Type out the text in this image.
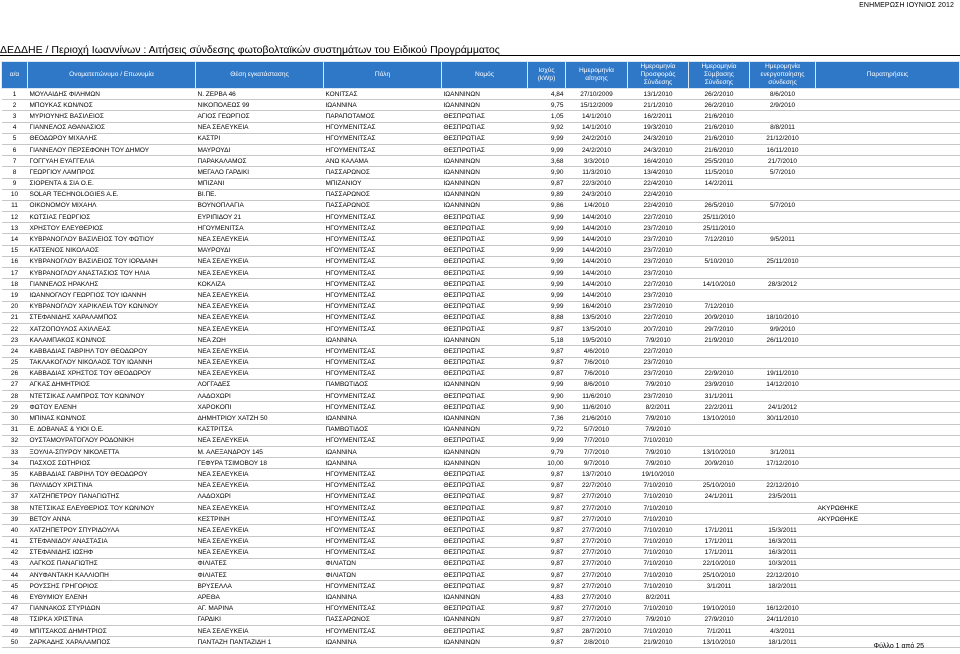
ΕΝΗΜΕΡΩΣΗ ΙΟΥΝΙΟΣ 2012
ΔΕΔΔΗΕ / Περιοχή Ιωαννίνων : Αιτήσεις σύνδεσης φωτοβολταϊκών συστημάτων του Ειδικού Προγράμματος
α/α	Ονοματεπώνυμο / Επωνυμία	Θέση εγκατάστασης	Πόλη	Νομός	Ισχύς (kWp)	Ημερομηνία αίτησης	Ημερομηνία Προσφοράς Σύνδεσης	Ημερομηνία Σύμβασης Σύνδεσης	Ημερομηνία ενεργοποίησης σύνδεσης	Παρατηρήσεις
1	ΜΟΥΛΑΙΔΗΣ ΦΙΛΗΜΩΝ	Ν. ΖΕΡΒΑ 46	ΚΟΝΙΤΣΑΣ	ΙΩΑΝΝΙΝΩΝ	4,84	27/10/2009	13/1/2010	26/2/2010	8/6/2010	
2	ΜΠΟΥΚΑΣ ΚΩΝ/ΝΟΣ	ΝΙΚΟΠΟΛΕΩΣ 99	ΙΩΑΝΝΙΝΑ	ΙΩΑΝΝΙΝΩΝ	9,75	15/12/2009	21/1/2010	26/2/2010	2/9/2010	
3	ΜΥΡΙΟΥΝΗΣ ΒΑΣΙΛΕΙΟΣ	ΑΓΙΟΣ ΓΕΩΡΓΙΟΣ	ΠΑΡΑΠΟΤΑΜΟΣ	ΘΕΣΠΡΩΤΙΑΣ	1,05	14/1/2010	16/2/2011	21/6/2010		
4	ΓΙΑΝΝΕΛΟΣ ΑΘΑΝΑΣΙΟΣ	ΝΕΑ ΣΕΛΕΥΚΕΙΑ	ΗΓΟΥΜΕΝΙΤΣΑΣ	ΘΕΣΠΡΩΤΙΑΣ	9,92	14/1/2010	19/3/2010	21/6/2010	8/8/2011	
5	ΘΕΟΔΩΡΟΥ ΜΙΧΑΛΗΣ	ΚΑΣΤΡΙ	ΗΓΟΥΜΕΝΙΤΣΑΣ	ΘΕΣΠΡΩΤΙΑΣ	9,99	24/2/2010	24/3/2010	21/6/2010	21/12/2010	
6	ΓΙΑΝΝΕΛΟΥ ΠΕΡΣΕΦΟΝΗ ΤΟΥ ΔΗΜΟΥ	ΜΑΥΡΟΥΔΙ	ΗΓΟΥΜΕΝΙΤΣΑΣ	ΘΕΣΠΡΩΤΙΑΣ	9,99	24/2/2010	24/3/2010	21/6/2010	16/11/2010	
7	ΓΟΓΓΥΑΗ ΕΥΑΓΓΕΛΙΑ	ΠΑΡΑΚΑΛΑΜΟΣ	ΑΝΩ ΚΑΛΑΜΑ	ΙΩΑΝΝΙΝΩΝ	3,68	3/3/2010	16/4/2010	25/5/2010	21/7/2010	
8	ΓΕΩΡΓΙΟΥ ΛΑΜΠΡΟΣ	ΜΕΓΑΛΟ ΓΑΡΔΙΚΙ	ΠΑΣΣΑΡΩΝΟΣ	ΙΩΑΝΝΙΝΩΝ	9,90	11/3/2010	13/4/2010	11/5/2010	5/7/2010	
9	ΣΙΟΡΕΝΤΑ & ΣΙΑ Ο.Ε.	ΜΠΙΖΑΝΙ	ΜΠΙΖΑΝΙΟΥ	ΙΩΑΝΝΙΝΩΝ	9,87	22/3/2010	22/4/2010	14/2/2011		
10	SOLAR TECHNOLOGIES A.E.	ΒΙ.ΠΕ.	ΠΑΣΣΑΡΩΝΟΣ	ΙΩΑΝΝΙΝΩΝ	9,89	24/3/2010	22/4/2010			
11	ΟΙΚΟΝΟΜΟΥ ΜΙΧΑΗΛ	ΒΟΥΝΟΠΛΑΓΙΑ	ΠΑΣΣΑΡΩΝΟΣ	ΙΩΑΝΝΙΝΩΝ	9,86	1/4/2010	22/4/2010	26/5/2010	5/7/2010	
12	ΚΩΤΣΙΑΣ ΓΕΩΡΓΙΟΣ	ΕΥΡΙΠΙΔΟΥ 21	ΗΓΟΥΜΕΝΙΤΣΑΣ	ΘΕΣΠΡΩΤΙΑΣ	9,99	14/4/2010	22/7/2010	25/11/2010		
13	ΧΡΗΣΤΟΥ ΕΛΕΥΘΕΡΙΟΣ	ΗΓΟΥΜΕΝΙΤΣΑ	ΗΓΟΥΜΕΝΙΤΣΑΣ	ΘΕΣΠΡΩΤΙΑΣ	9,99	14/4/2010	23/7/2010	25/11/2010		
14	ΚΥΒΡΑΝΟΓΛΟΥ ΒΑΣΙΛΕΙΟΣ ΤΟΥ ΦΩΤΙΟΥ	ΝΕΑ ΣΕΛΕΥΚΕΙΑ	ΗΓΟΥΜΕΝΙΤΣΑΣ	ΘΕΣΠΡΩΤΙΑΣ	9,99	14/4/2010	23/7/2010	7/12/2010	9/5/2011	
15	ΚΑΤΣΕΝΟΣ ΝΙΚΟΛΑΟΣ	ΜΑΥΡΟΥΔΙ	ΗΓΟΥΜΕΝΙΤΣΑΣ	ΘΕΣΠΡΩΤΙΑΣ	9,99	14/4/2010	23/7/2010			
16	ΚΥΒΡΑΝΟΓΛΟΥ ΒΑΣΙΛΕΙΟΣ ΤΟΥ ΙΟΡΔΑΝΗ	ΝΕΑ ΣΕΛΕΥΚΕΙΑ	ΗΓΟΥΜΕΝΙΤΣΑΣ	ΘΕΣΠΡΩΤΙΑΣ	9,99	14/4/2010	23/7/2010	5/10/2010	25/11/2010	
17	ΚΥΒΡΑΝΟΓΛΟΥ ΑΝΑΣΤΑΣΙΟΣ ΤΟΥ ΗΛΙΑ	ΝΕΑ ΣΕΛΕΥΚΕΙΑ	ΗΓΟΥΜΕΝΙΤΣΑΣ	ΘΕΣΠΡΩΤΙΑΣ	9,99	14/4/2010	23/7/2010			
18	ΓΙΑΝΝΕΛΟΣ ΗΡΑΚΛΗΣ	ΚΟΚΛΙΖΑ	ΗΓΟΥΜΕΝΙΤΣΑΣ	ΘΕΣΠΡΩΤΙΑΣ	9,99	14/4/2010	22/7/2010	14/10/2010	28/3/2012	
19	ΙΩΑΝΝΟΓΛΟΥ ΓΕΩΡΓΙΟΣ ΤΟΥ ΙΩΑΝΝΗ	ΝΕΑ ΣΕΛΕΥΚΕΙΑ	ΗΓΟΥΜΕΝΙΤΣΑΣ	ΘΕΣΠΡΩΤΙΑΣ	9,99	14/4/2010	23/7/2010			
20	ΚΥΒΡΑΝΟΓΛΟΥ ΧΑΡΙΚΛΕΙΑ ΤΟΥ ΚΩΝ/ΝΟΥ	ΝΕΑ ΣΕΛΕΥΚΕΙΑ	ΗΓΟΥΜΕΝΙΤΣΑΣ	ΘΕΣΠΡΩΤΙΑΣ	9,99	16/4/2010	23/7/2010	7/12/2010		
21	ΣΤΕΦΑΝΙΔΗΣ ΧΑΡΑΛΑΜΠΟΣ	ΝΕΑ ΣΕΛΕΥΚΕΙΑ	ΗΓΟΥΜΕΝΙΤΣΑΣ	ΘΕΣΠΡΩΤΙΑΣ	8,88	13/5/2010	22/7/2010	20/9/2010	18/10/2010	
22	ΧΑΤΖΟΠΟΥΛΟΣ ΑΧΙΛΛΕΑΣ	ΝΕΑ ΣΕΛΕΥΚΕΙΑ	ΗΓΟΥΜΕΝΙΤΣΑΣ	ΘΕΣΠΡΩΤΙΑΣ	9,87	13/5/2010	20/7/2010	29/7/2010	9/9/2010	
23	ΚΑΛΑΜΠΑΚΟΣ ΚΩΝ/ΝΟΣ	ΝΕΑ ΖΩΗ	ΙΩΑΝΝΙΝΑ	ΙΩΑΝΝΙΝΩΝ	5,18	19/5/2010	7/9/2010	21/9/2010	26/11/2010	
24	ΚΑΒΒΑΔΙΑΣ ΓΑΒΡΙΗΛ ΤΟΥ ΘΕΟΔΩΡΟΥ	ΝΕΑ ΣΕΛΕΥΚΕΙΑ	ΗΓΟΥΜΕΝΙΤΣΑΣ	ΘΕΣΠΡΩΤΙΑΣ	9,87	4/6/2010	22/7/2010			
25	ΤΑΚΛΑΚΟΓΛΟΥ ΝΙΚΟΛΑΟΣ ΤΟΥ ΙΩΑΝΝΗ	ΝΕΑ ΣΕΛΕΥΚΕΙΑ	ΗΓΟΥΜΕΝΙΤΣΑΣ	ΘΕΣΠΡΩΤΙΑΣ	9,87	7/6/2010	23/7/2010			
26	ΚΑΒΒΑΔΙΑΣ ΧΡΗΣΤΟΣ ΤΟΥ ΘΕΟΔΩΡΟΥ	ΝΕΑ ΣΕΛΕΥΚΕΙΑ	ΗΓΟΥΜΕΝΙΤΣΑΣ	ΘΕΣΠΡΩΤΙΑΣ	9,87	7/6/2010	23/7/2010	22/9/2010	19/11/2010	
27	ΑΓΚΑΣ ΔΗΜΗΤΡΙΟΣ	ΛΟΓΓΑΔΕΣ	ΠΑΜΒΩΤΙΔΟΣ	ΙΩΑΝΝΙΝΩΝ	9,99	8/6/2010	7/9/2010	23/9/2010	14/12/2010	
28	ΝΤΕΤΣΙΚΑΣ ΛΑΜΠΡΟΣ ΤΟΥ ΚΩΝ/ΝΟΥ	ΛΑΔΟΧΩΡΙ	ΗΓΟΥΜΕΝΙΤΣΑΣ	ΘΕΣΠΡΩΤΙΑΣ	9,90	11/6/2010	23/7/2010	31/1/2011		
29	ΦΩΤΟΥ ΕΛΕΝΗ	ΧΑΡΟΚΟΠΙ	ΗΓΟΥΜΕΝΙΤΣΑΣ	ΘΕΣΠΡΩΤΙΑΣ	9,90	11/6/2010	8/2/2011	22/2/2011	24/1/2012	
30	ΜΠΙΝΑΣ ΚΩΝ/ΝΟΣ	ΔΗΜΗΤΡΙΟΥ ΧΑΤΖΗ 50	ΙΩΑΝΝΙΝΑ	ΙΩΑΝΝΙΝΩΝ	7,36	21/6/2010	7/9/2010	13/10/2010	30/11/2010	
31	Ε. ΔΟΒΑΝΑΣ & ΥΙΟΙ Ο.Ε.	ΚΑΣΤΡΙΤΣΑ	ΠΑΜΒΩΤΙΔΟΣ	ΙΩΑΝΝΙΝΩΝ	9,72	5/7/2010	7/9/2010			
32	ΟΥΣΤΑΜΟΥΡΑΤΟΓΛΟΥ ΡΟΔΟΝΙΚΗ	ΝΕΑ ΣΕΛΕΥΚΕΙΑ	ΗΓΟΥΜΕΝΙΤΣΑΣ	ΘΕΣΠΡΩΤΙΑΣ	9,99	7/7/2010	7/10/2010			
33	ΞΟΥΛΙΑ-ΣΠΥΡΟΥ ΝΙΚΟΛΕΤΤΑ	Μ. ΑΛΕΞΑΝΔΡΟΥ 145	ΙΩΑΝΝΙΝΑ	ΙΩΑΝΝΙΝΩΝ	9,79	7/7/2010	7/9/2010	13/10/2010	3/1/2011	
34	ΠΑΣΧΟΣ ΣΩΤΗΡΙΟΣ	ΓΕΦΥΡΑ ΤΣΙΜΟΒΟΥ 18	ΙΩΑΝΝΙΝΑ	ΙΩΑΝΝΙΝΩΝ	10,00	9/7/2010	7/9/2010	20/9/2010	17/12/2010	
35	ΚΑΒΒΑΔΙΑΣ ΓΑΒΡΙΗΛ ΤΟΥ ΘΕΟΔΩΡΟΥ	ΝΕΑ ΣΕΛΕΥΚΕΙΑ	ΗΓΟΥΜΕΝΙΤΣΑΣ	ΘΕΣΠΡΩΤΙΑΣ	9,87	13/7/2010	19/10/2010			
36	ΠΑΥΛΙΔΟΥ ΧΡΙΣΤΙΝΑ	ΝΕΑ ΣΕΛΕΥΚΕΙΑ	ΗΓΟΥΜΕΝΙΤΣΑΣ	ΘΕΣΠΡΩΤΙΑΣ	9,87	22/7/2010	7/10/2010	25/10/2010	22/12/2010	
37	ΧΑΤΖΗΠΕΤΡΟΥ ΠΑΝΑΓΙΩΤΗΣ	ΛΑΔΟΧΩΡΙ	ΗΓΟΥΜΕΝΙΤΣΑΣ	ΘΕΣΠΡΩΤΙΑΣ	9,87	27/7/2010	7/10/2010	24/1/2011	23/5/2011	
38	ΝΤΕΤΣΙΚΑΣ ΕΛΕΥΘΕΡΙΟΣ ΤΟΥ ΚΩΝ/ΝΟΥ	ΝΕΑ ΣΕΛΕΥΚΕΙΑ	ΗΓΟΥΜΕΝΙΤΣΑΣ	ΘΕΣΠΡΩΤΙΑΣ	9,87	27/7/2010	7/10/2010			ΑΚΥΡΩΘΗΚΕ
39	ΒΕΤΟΥ ΑΝΝΑ	ΚΕΣΤΡΙΝΗ	ΗΓΟΥΜΕΝΙΤΣΑΣ	ΘΕΣΠΡΩΤΙΑΣ	9,87	27/7/2010	7/10/2010			ΑΚΥΡΩΘΗΚΕ
40	ΧΑΤΖΗΠΕΤΡΟΥ ΣΠΥΡΙΔΟΥΛΑ	ΝΕΑ ΣΕΛΕΥΚΕΙΑ	ΗΓΟΥΜΕΝΙΤΣΑΣ	ΘΕΣΠΡΩΤΙΑΣ	9,87	27/7/2010	7/10/2010	17/1/2011	15/3/2011	
41	ΣΤΕΦΑΝΙΔΟΥ ΑΝΑΣΤΑΣΙΑ	ΝΕΑ ΣΕΛΕΥΚΕΙΑ	ΗΓΟΥΜΕΝΙΤΣΑΣ	ΘΕΣΠΡΩΤΙΑΣ	9,87	27/7/2010	7/10/2010	17/1/2011	16/3/2011	
42	ΣΤΕΦΑΝΙΔΗΣ ΙΩΣΗΦ	ΝΕΑ ΣΕΛΕΥΚΕΙΑ	ΗΓΟΥΜΕΝΙΤΣΑΣ	ΘΕΣΠΡΩΤΙΑΣ	9,87	27/7/2010	7/10/2010	17/1/2011	16/3/2011	
43	ΛΑΓΚΟΣ ΠΑΝΑΓΙΩΤΗΣ	ΦΙΛΙΑΤΕΣ	ΦΙΛΙΑΤΩΝ	ΘΕΣΠΡΩΤΙΑΣ	9,87	27/7/2010	7/10/2010	22/10/2010	10/3/2011	
44	ΑΝΥΦΑΝΤΑΚΗ ΚΑΛΛΙΟΠΗ	ΦΙΛΙΑΤΕΣ	ΦΙΛΙΑΤΩΝ	ΘΕΣΠΡΩΤΙΑΣ	9,87	27/7/2010	7/10/2010	25/10/2010	22/12/2010	
45	ΡΟΥΣΣΗΣ ΓΡΗΓΟΡΙΟΣ	ΒΡΥΣΕΛΛΑ	ΗΓΟΥΜΕΝΙΤΣΑΣ	ΘΕΣΠΡΩΤΙΑΣ	9,87	27/7/2010	7/10/2010	3/1/2011	18/2/2011	
46	ΕΥΘΥΜΙΟΥ ΕΛΕΝΗ	ΑΡΕΘΑ	ΙΩΑΝΝΙΝΑ	ΙΩΑΝΝΙΝΩΝ	4,83	27/7/2010	8/2/2011			
47	ΓΙΑΝΝΑΚΟΣ ΣΤΥΡΙΔΩΝ	ΑΓ. ΜΑΡΙΝΑ	ΗΓΟΥΜΕΝΙΤΣΑΣ	ΘΕΣΠΡΩΤΙΑΣ	9,87	27/7/2010	7/10/2010	19/10/2010	16/12/2010	
48	ΤΣΙΡΚΑ ΧΡΙΣΤΙΝΑ	ΓΑΡΔΙΚΙ	ΠΑΣΣΑΡΩΝΟΣ	ΙΩΑΝΝΙΝΩΝ	9,87	27/7/2010	7/9/2010	27/9/2010	24/11/2010	
49	ΜΠΙΤΣΑΚΟΣ ΔΗΜΗΤΡΙΟΣ	ΝΕΑ ΣΕΛΕΥΚΕΙΑ	ΗΓΟΥΜΕΝΙΤΣΑΣ	ΘΕΣΠΡΩΤΙΑΣ	9,87	28/7/2010	7/10/2010	7/1/2011	4/3/2011	
50	ΖΑΡΚΑΔΗΣ ΧΑΡΑΛΑΜΠΟΣ	ΠΑΝΤΑΖΗ ΠΑΝΤΑΖΙΔΗ 1	ΙΩΑΝΝΙΝΑ	ΙΩΑΝΝΙΝΩΝ	9,87	2/8/2010	21/9/2010	13/10/2010	18/1/2011	
Φύλλο 1 από 25
